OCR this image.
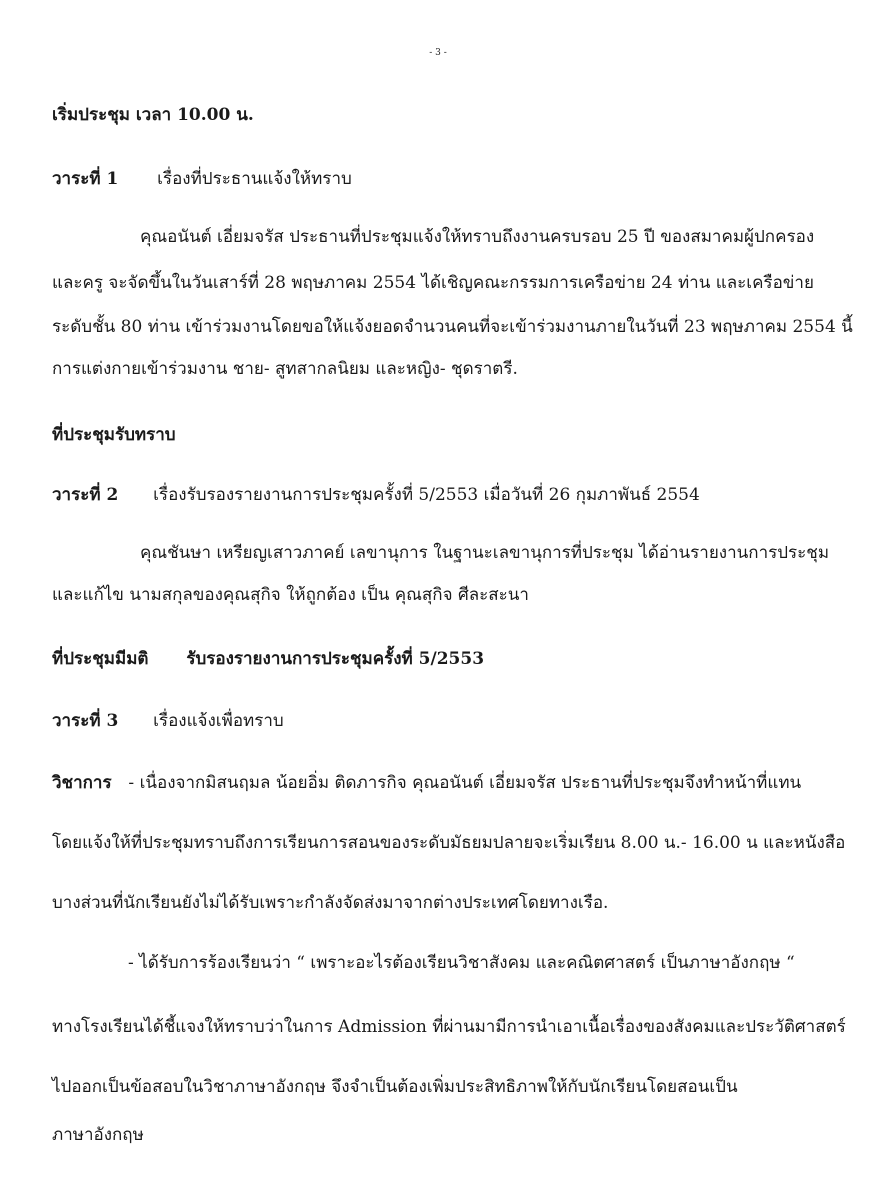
- 3 -
เริ่มประชุม เวลา 10.00 น.
วาระที่ 1 เรื่องที่ประธานแจ้งให้ทราบ
คุณอนันต์ เอี่ยมจรัส ประธานที่ประชุมแจ้งให้ทราบถึงงานครบรอบ 25 ปี ของสมาคมผู้ปกครอง
และครู จะจัดขึ้นในวันเสาร์ที่ 28 พฤษภาคม 2554 ได้เชิญคณะกรรมการเครือข่าย 24 ท่าน และเครือข่าย
ระดับชั้น 80 ท่าน เข้าร่วมงานโดยขอให้แจ้งยอดจำนวนคนที่จะเข้าร่วมงานภายในวันที่ 23 พฤษภาคม 2554 นี้
การแต่งกายเข้าร่วมงาน ชาย- สูทสากลนิยม และหญิง- ชุดราตรี.
ที่ประชุมรับทราบ
วาระที่ 2 เรื่องรับรองรายงานการประชุมครั้งที่ 5/2553 เมื่อวันที่ 26 กุมภาพันธ์ 2554
คุณชันษา เหรียญเสาวภาคย์ เลขานุการ ในฐานะเลขานุการที่ประชุม ได้อ่านรายงานการประชุม
และแก้ไข นามสกุลของคุณสุกิจ ให้ถูกต้อง เป็น คุณสุกิจ ศีละสะนา
ที่ประชุมมีมติ รับรองรายงานการประชุมครั้งที่ 5/2553
วาระที่ 3 เรื่องแจ้งเพื่อทราบ
วิชาการ - เนื่องจากมิสนฤมล น้อยอิ่ม ติดภารกิจ คุณอนันต์ เอี่ยมจรัส ประธานที่ประชุมจึงทำหน้าที่แทน
โดยแจ้งให้ที่ประชุมทราบถึงการเรียนการสอนของระดับมัธยมปลายจะเริ่มเรียน 8.00 น.- 16.00 น และหนังสือ
บางส่วนที่นักเรียนยังไม่ได้รับเพราะกำลังจัดส่งมาจากต่างประเทศโดยทางเรือ.
- ได้รับการร้องเรียนว่า “ เพราะอะไรต้องเรียนวิชาสังคม และคณิตศาสตร์ เป็นภาษาอังกฤษ “
ทางโรงเรียนได้ชี้แจงให้ทราบว่าในการ Admission ที่ผ่านมามีการนำเอาเนื้อเรื่องของสังคมและประวัติศาสตร์
ไปออกเป็นข้อสอบในวิชาภาษาอังกฤษ จึงจำเป็นต้องเพิ่มประสิทธิภาพให้กับนักเรียนโดยสอนเป็น
ภาษาอังกฤษ
